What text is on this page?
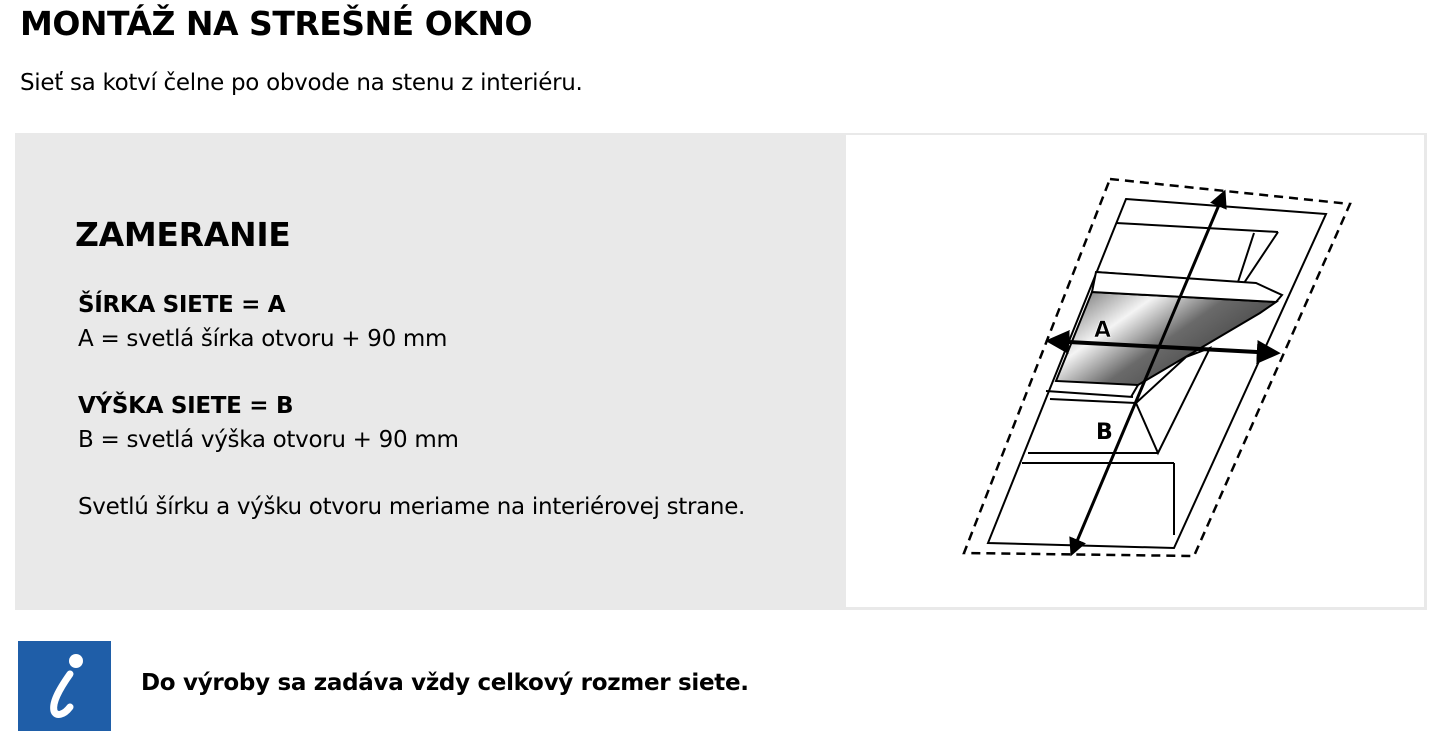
MONTÁŽ NA STREŠNÉ OKNO

Sieť sa kotví čelne po obvode na stenu z interiéru.

ZAMERANIE

ŠÍRKA SIETE = A

A = svetlá šírka otvoru + 90 mm

VÝŠKA SIETE = B

B = svetlá výška otvoru + 90 mm

Svetlú šírku a výšku otvoru meriame na interiérovej strane.

A
B

Do výroby sa zadáva vždy celkový rozmer siete.
